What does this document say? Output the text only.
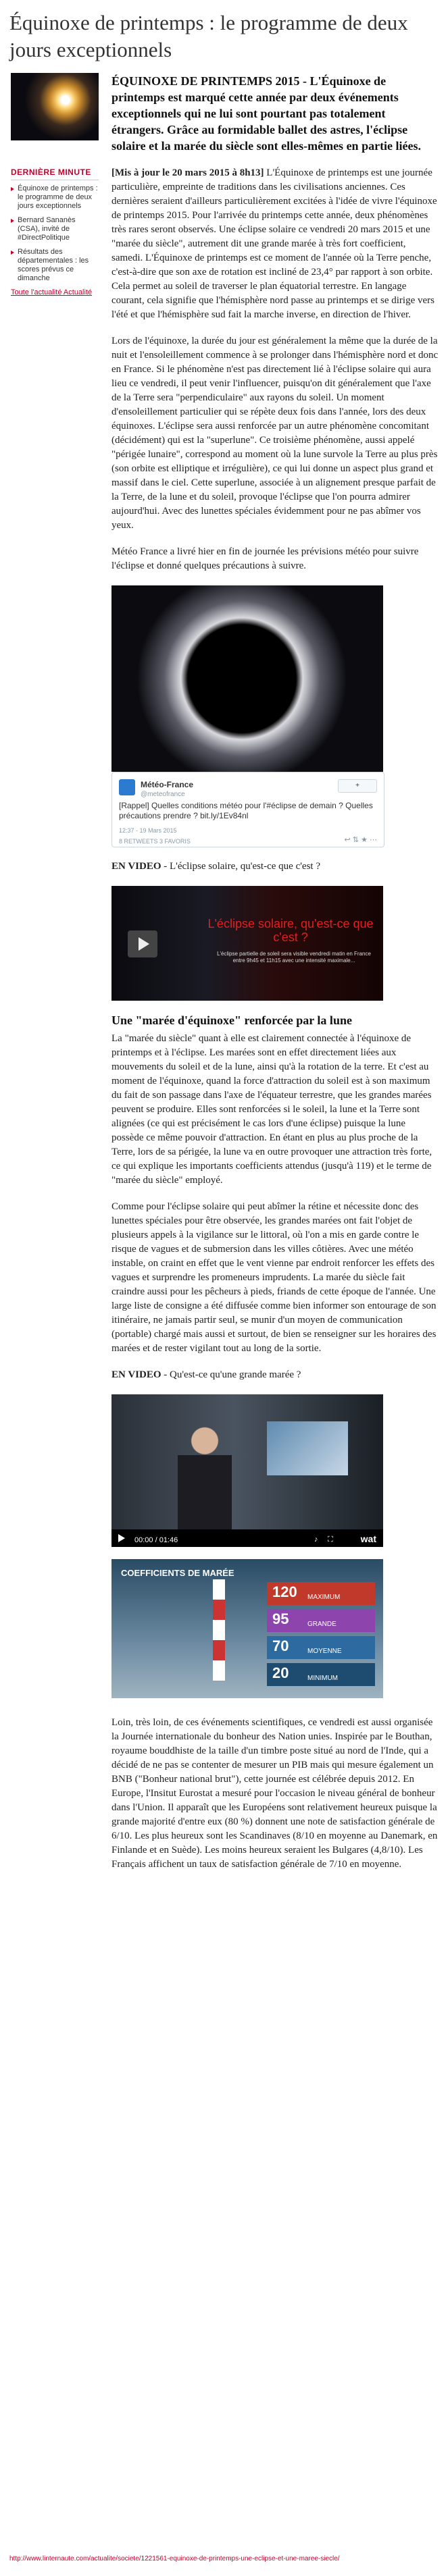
Équinoxe de printemps : le programme de deux jours exceptionnels
DERNIÈRE MINUTE
Équinoxe de printemps : le programme de deux jours exceptionnels
Bernard Sananès (CSA), invité de #DirectPolitique
Résultats des départementales : les scores prévus ce dimanche
Toute l'actualité Actualité

ÉQUINOXE DE PRINTEMPS 2015 - L'Équinoxe de printemps est marqué cette année par deux événements exceptionnels qui ne lui sont pourtant pas totalement étrangers. Grâce au formidable ballet des astres, l'éclipse solaire et la marée du siècle sont elles-mêmes en partie liées.

[Mis à jour le 20 mars 2015 à 8h13] L'Équinoxe de printemps est une journée particulière, empreinte de traditions dans les civilisations anciennes. Ces dernières seraient d'ailleurs particulièrement excitées à l'idée de vivre l'équinoxe de printemps 2015. Pour l'arrivée du printemps cette année, deux phénomènes très rares seront observés. Une éclipse solaire ce vendredi 20 mars 2015 et une "marée du siècle", autrement dit une grande marée à très fort coefficient, samedi. L'Équinoxe de printemps est ce moment de l'année où la Terre penche, c'est-à-dire que son axe de rotation est incliné de 23,4° par rapport à son orbite. Cela permet au soleil de traverser le plan équatorial terrestre. En langage courant, cela signifie que l'hémisphère nord passe au printemps et se dirige vers l'été et que l'hémisphère sud fait la marche inverse, en direction de l'hiver.

Lors de l'équinoxe, la durée du jour est généralement la même que la durée de la nuit et l'ensoleillement commence à se prolonger dans l'hémisphère nord et donc en France. Si le phénomène n'est pas directement lié à l'éclipse solaire qui aura lieu ce vendredi, il peut venir l'influencer, puisqu'on dit généralement que l'axe de la Terre sera "perpendiculaire" aux rayons du soleil. Un moment d'ensoleillement particulier qui se répète deux fois dans l'année, lors des deux équinoxes. L'éclipse sera aussi renforcée par un autre phénomène concomitant (décidément) qui est la "superlune". Ce troisième phénomène, aussi appelé "périgée lunaire", correspond au moment où la lune survole la Terre au plus près (son orbite est elliptique et irrégulière), ce qui lui donne un aspect plus grand et massif dans le ciel. Cette superlune, associée à un alignement presque parfait de la Terre, de la lune et du soleil, provoque l'éclipse que l'on pourra admirer aujourd'hui. Avec des lunettes spéciales évidemment pour ne pas abîmer vos yeux.

Météo France a livré hier en fin de journée les prévisions météo pour suivre l'éclipse et donné quelques précautions à suivre.

Météo-France
@meteofrance
+
[Rappel] Quelles conditions météo pour l'#éclipse de demain ? Quelles précautions prendre ? bit.ly/1Ev84nl
12:37 - 19 Mars 2015
8 RETWEETS 3 FAVORIS	↩ ⇅ ★ ⋯

EN VIDEO - L'éclipse solaire, qu'est-ce que c'est ?

L'éclipse solaire, qu'est-ce que c'est ?
L'éclipse partielle de soleil sera visible vendredi matin en France entre 9h45 et 11h15 avec une intensité maximale...
Une "marée d'équinoxe" renforcée par la lune

La "marée du siècle" quant à elle est clairement connectée à l'équinoxe de printemps et à l'éclipse. Les marées sont en effet directement liées aux mouvements du soleil et de la lune, ainsi qu'à la rotation de la terre. Et c'est au moment de l'équinoxe, quand la force d'attraction du soleil est à son maximum du fait de son passage dans l'axe de l'équateur terrestre, que les grandes marées peuvent se produire. Elles sont renforcées si le soleil, la lune et la Terre sont alignées (ce qui est précisément le cas lors d'une éclipse) puisque la lune possède ce même pouvoir d'attraction. En étant en plus au plus proche de la Terre, lors de sa périgée, la lune va en outre provoquer une attraction très forte, ce qui explique les importants coefficients attendus (jusqu'à 119) et le terme de "marée du siècle" employé.

Comme pour l'éclipse solaire qui peut abîmer la rétine et nécessite donc des lunettes spéciales pour être observée, les grandes marées ont fait l'objet de plusieurs appels à la vigilance sur le littoral, où l'on a mis en garde contre le risque de vagues et de submersion dans les villes côtières. Avec une météo instable, on craint en effet que le vent vienne par endroit renforcer les effets des vagues et surprendre les promeneurs imprudents. La marée du siècle fait craindre aussi pour les pêcheurs à pieds, friands de cette époque de l'année. Une large liste de consigne a été diffusée comme bien informer son entourage de son itinéraire, ne jamais partir seul, se munir d'un moyen de communication (portable) chargé mais aussi et surtout, de bien se renseigner sur les horaires des marées et de rester vigilant tout au long de la sortie.

EN VIDEO - Qu'est-ce qu'une grande marée ?

00:00 / 01:46	♪ ⛶	wat
COEFFICIENTS DE MARÉE
120 MAXIMUM
95	GRANDE
70	MOYENNE
20	MINIMUM

Loin, très loin, de ces événements scientifiques, ce vendredi est aussi organisée la Journée internationale du bonheur des Nation unies. Inspirée par le Bouthan, royaume bouddhiste de la taille d'un timbre poste situé au nord de l'Inde, qui a décidé de ne pas se contenter de mesurer un PIB mais qui mesure également un BNB ("Bonheur national brut"), cette journée est célébrée depuis 2012. En Europe, l'Insitut Eurostat a mesuré pour l'occasion le niveau général de bonheur dans l'Union. Il apparaît que les Européens sont relativement heureux puisque la grande majorité d'entre eux (80 %) donnent une note de satisfaction générale de 6/10. Les plus heureux sont les Scandinaves (8/10 en moyenne au Danemark, en Finlande et en Suède). Les moins heureux seraient les Bulgares (4,8/10). Les Français affichent un taux de satisfaction générale de 7/10 en moyenne.

http://www.linternaute.com/actualite/societe/1221561-equinoxe-de-printemps-une-eclipse-et-une-maree-siecle/
